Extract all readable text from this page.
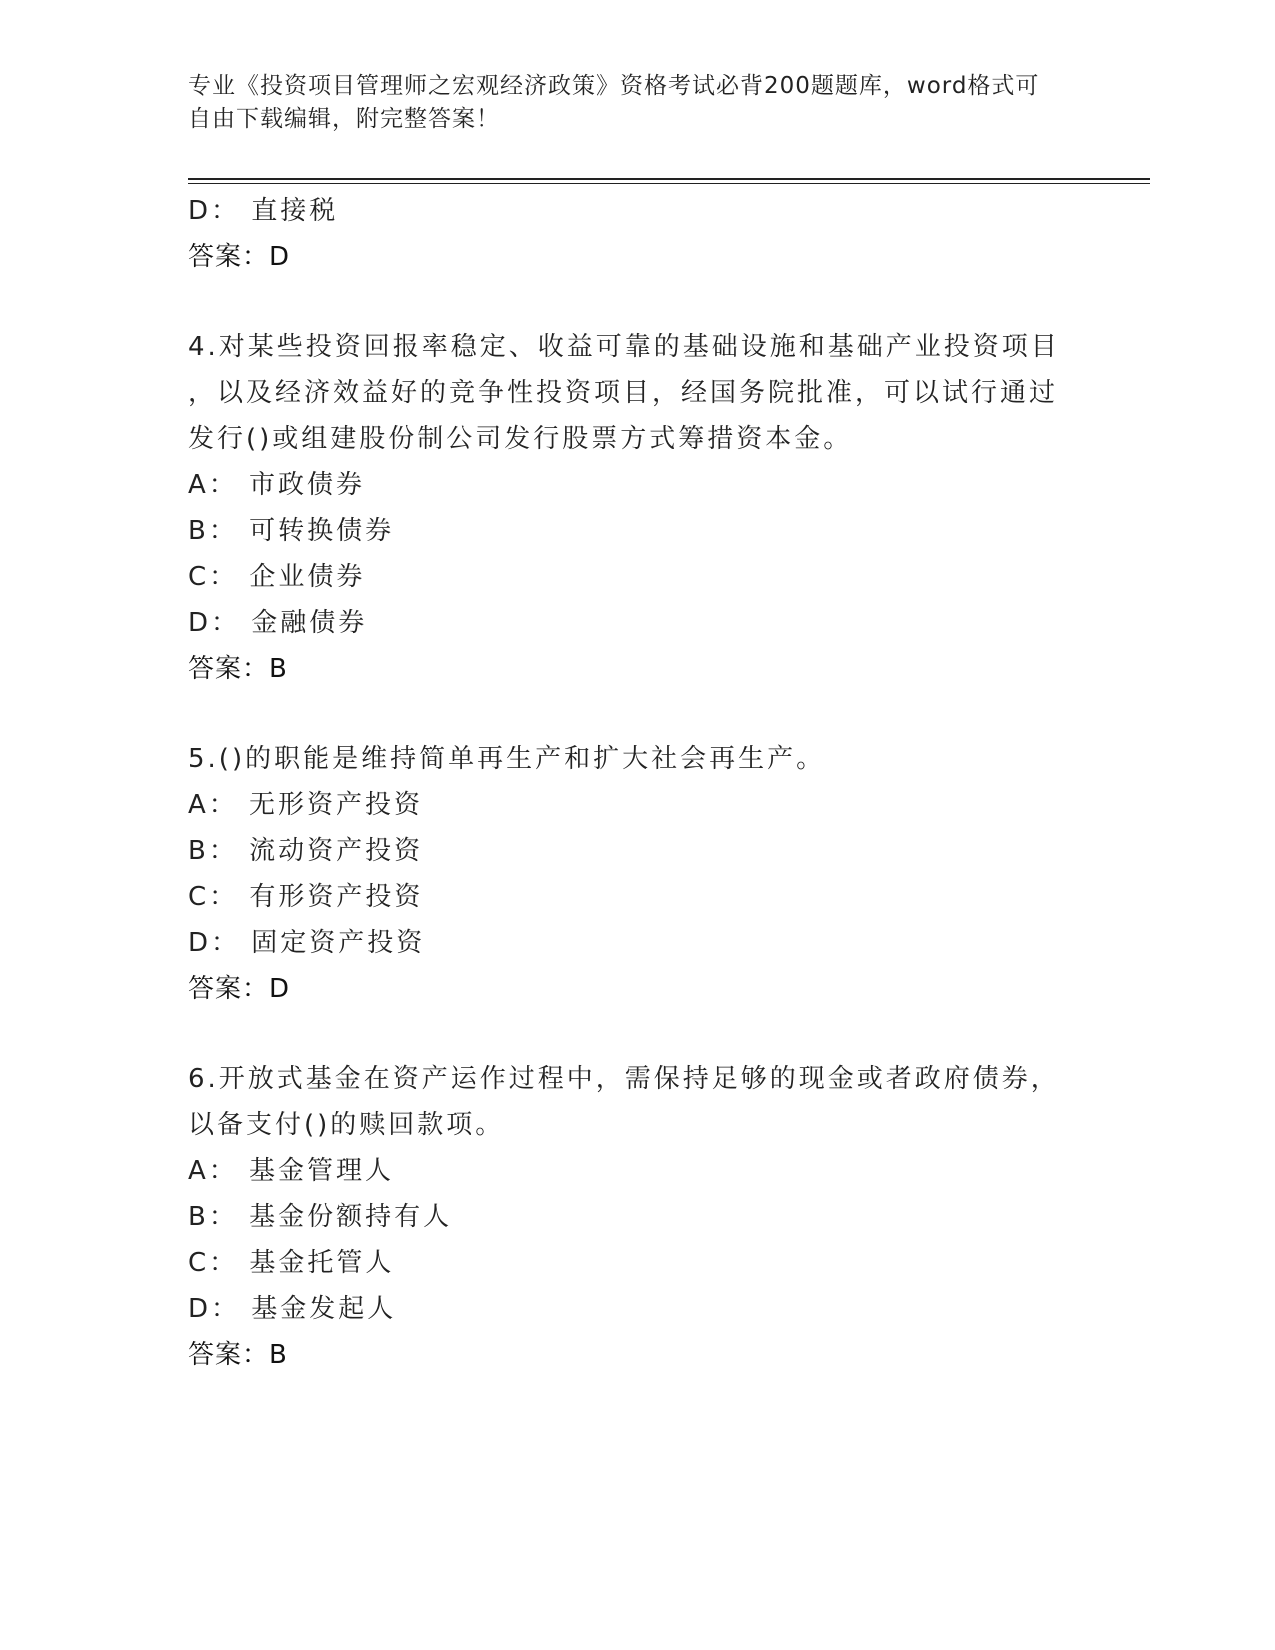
专业《投资项目管理师之宏观经济政策》资格考试必背200题题库，word格式可
自由下载编辑，附完整答案！
D： 直接税
答案：D
4.对某些投资回报率稳定、收益可靠的基础设施和基础产业投资项目
，以及经济效益好的竞争性投资项目，经国务院批准，可以试行通过
发行()或组建股份制公司发行股票方式筹措资本金。
A： 市政债券
B： 可转换债券
C： 企业债券
D： 金融债券
答案：B
5.()的职能是维持简单再生产和扩大社会再生产。
A： 无形资产投资
B： 流动资产投资
C： 有形资产投资
D： 固定资产投资
答案：D
6.开放式基金在资产运作过程中，需保持足够的现金或者政府债券，
以备支付()的赎回款项。
A： 基金管理人
B： 基金份额持有人
C： 基金托管人
D： 基金发起人
答案：B
